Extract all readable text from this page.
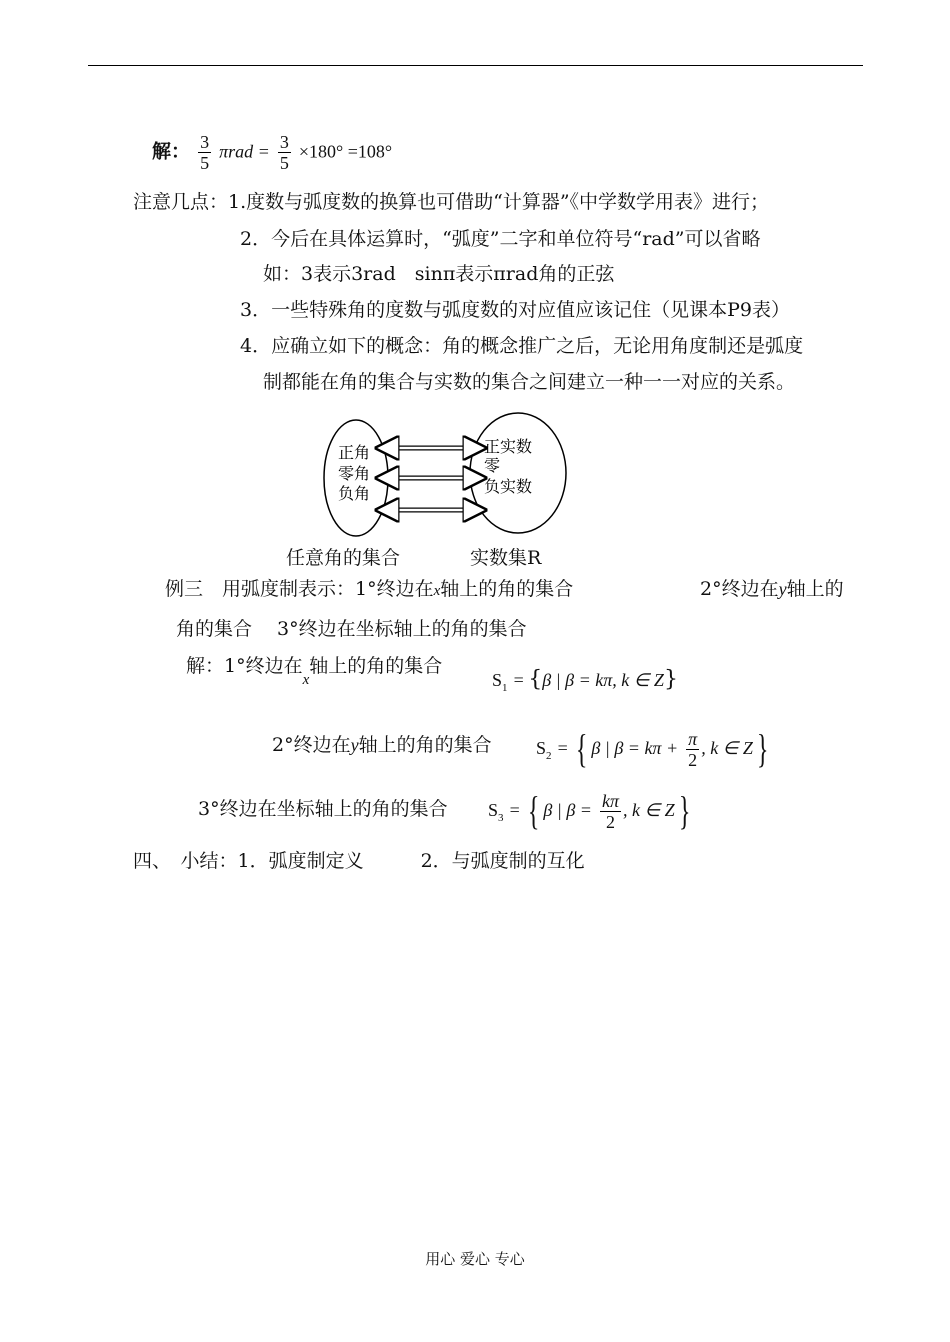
解： $\frac{3}{5}$ $\pi rad = \frac{3}{5} \times 180^\circ =108^\circ$
注意几点：1.度数与弧度数的换算也可借助“计算器”《中学数学用表》进行；
2．今后在具体运算时，“弧度”二字和单位符号“rad”可以省略
如：3表示3rad　sinπ表示πrad角的正弦
3．一些特殊角的度数与弧度数的对应值应该记住（见课本P9表）
4．应确立如下的概念：角的概念推广之后，无论用角度制还是弧度
制都能在角的集合与实数的集合之间建立一种一一对应的关系。
正角
零角
负角
正实数
零
负实数
任意角的集合	实数集R
例三　用弧度制表示：1°终边在x轴上的角的集合	2°终边在y轴上的
角的集合　 3°终边在坐标轴上的角的集合
解：1°终边在$_x$轴上的角的集合
$S_1 = \{\beta$ | β = kπ, k ∈ Z}
2°终边在y轴上的角的集合 $S_2$ = { β | $\beta = k\pi + \frac{\pi}{2}$ , k ∈ Z}
3°终边在坐标轴上的角的集合 $S_3$ = { β | $\beta = \frac{k\pi}{2}$ , k ∈ Z}
四、　小结：1．弧度制定义　　　2．与弧度制的互化
用心 爱心 专心
